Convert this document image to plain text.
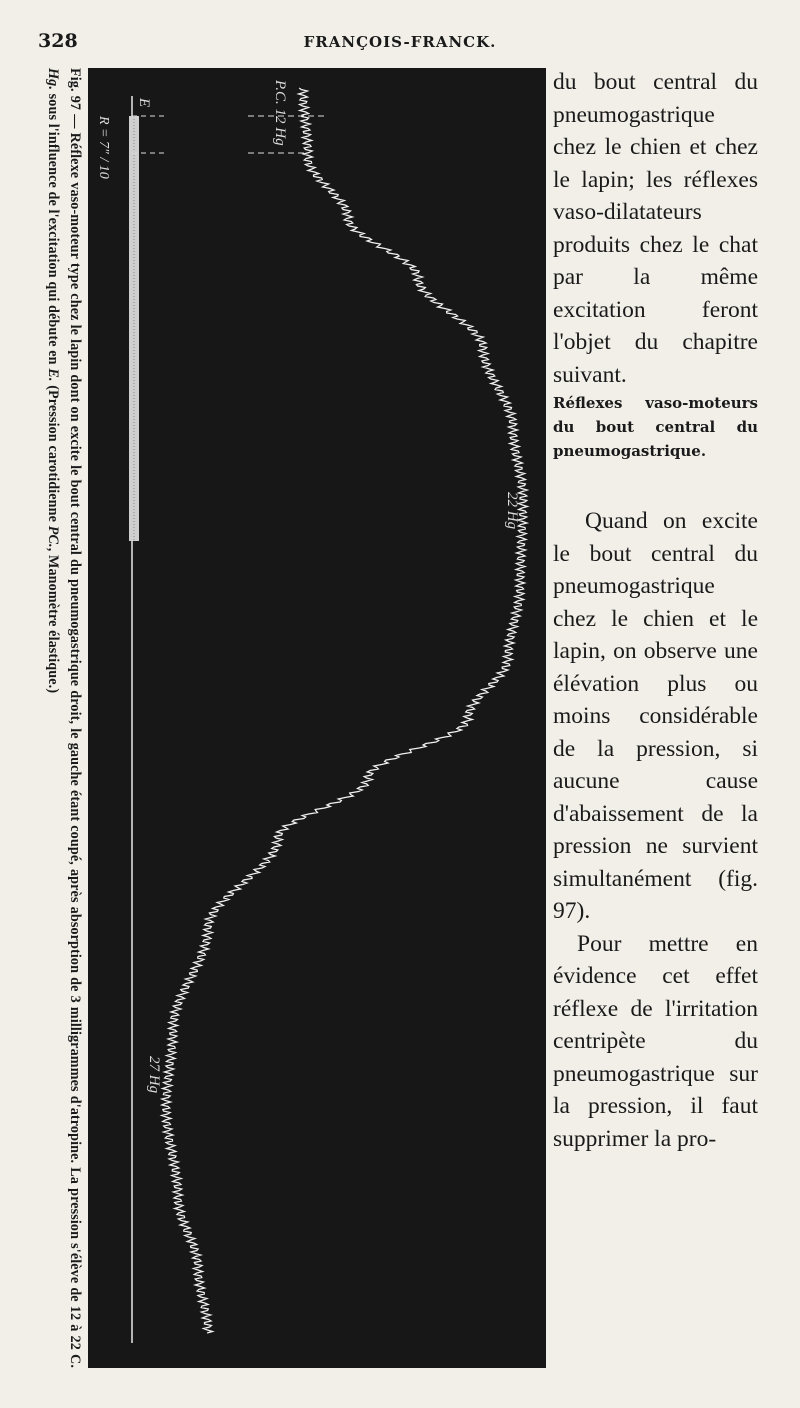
328	FRANÇOIS-FRANCK.
Fig. 97 — Réflexe vaso-moteur type chez le lapin dont on excite le bout central du pneumogastrique droit, le gauche étant coupé, après absorption de 3 milligrammes d'atropine. La pression s'élève de 12 à 22 C. Hg. sous l'influence de l'excitation qui débute en E. (Pression carotidienne PC., Manomètre élastique.)
E
R = 7″ / 10
P.C. 12 Hg
22 Hg
27 Hg

du bout central du pneumogastrique chez le chien et chez le lapin; les réflexes vaso-dilatateurs produits chez le chat par la même excitation feront l'objet du chapitre suivant.

Réflexes vaso-moteurs du bout central du pneumogastrique.

Quand on excite le bout central du pneumogastrique chez le chien et le lapin, on observe une élévation plus ou moins considérable de la pression, si aucune cause d'abaissement de la pression ne survient simultanément (fig. 97).

Pour mettre en évidence cet effet réflexe de l'irritation centripète du pneumogastrique sur la pression, il faut supprimer la pro-
